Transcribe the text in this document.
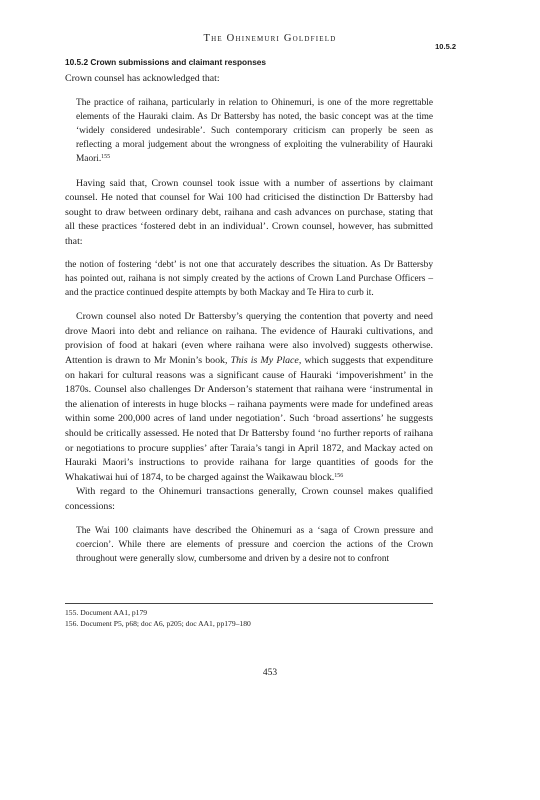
The Ohinemuri Goldfield
10.5.2
10.5.2 Crown submissions and claimant responses

Crown counsel has acknowledged that:

The practice of raihana, particularly in relation to Ohinemuri, is one of the more regrettable elements of the Hauraki claim. As Dr Battersby has noted, the basic concept was at the time ‘widely considered undesirable’. Such contemporary criticism can properly be seen as reflecting a moral judgement about the wrongness of exploiting the vulnerability of Hauraki Maori.$^{155}$

Having said that, Crown counsel took issue with a number of assertions by claimant counsel. He noted that counsel for Wai 100 had criticised the distinction Dr Battersby had sought to draw between ordinary debt, raihana and cash advances on purchase, stating that all these practices ‘fostered debt in an individual’. Crown counsel, however, has submitted that:

the notion of fostering ‘debt’ is not one that accurately describes the situation. As Dr Battersby has pointed out, raihana is not simply created by the actions of Crown Land Purchase Officers – and the practice continued despite attempts by both Mackay and Te Hira to curb it.

Crown counsel also noted Dr Battersby’s querying the contention that poverty and need drove Maori into debt and reliance on raihana. The evidence of Hauraki cultivations, and provision of food at hakari (even where raihana were also involved) suggests otherwise. Attention is drawn to Mr Monin’s book, This is My Place, which suggests that expenditure on hakari for cultural reasons was a significant cause of Hauraki ‘impoverishment’ in the 1870s. Counsel also challenges Dr Anderson’s statement that raihana were ‘instrumental in the alienation of interests in huge blocks – raihana payments were made for undefined areas within some 200,000 acres of land under negotiation’. Such ‘broad assertions’ he suggests should be critically assessed. He noted that Dr Battersby found ‘no further reports of raihana or negotiations to procure supplies’ after Taraia’s tangi in April 1872, and Mackay acted on Hauraki Maori’s instructions to provide raihana for large quantities of goods for the Whakatiwai hui of 1874, to be charged against the Waikawau block.$^{156}$

With regard to the Ohinemuri transactions generally, Crown counsel makes qualified concessions:

The Wai 100 claimants have described the Ohinemuri as a ‘saga of Crown pressure and coercion’. While there are elements of pressure and coercion the actions of the Crown throughout were generally slow, cumbersome and driven by a desire not to confront

155. Document AA1, p179

156. Document P5, p68; doc A6, p205; doc AA1, pp179–180

453
